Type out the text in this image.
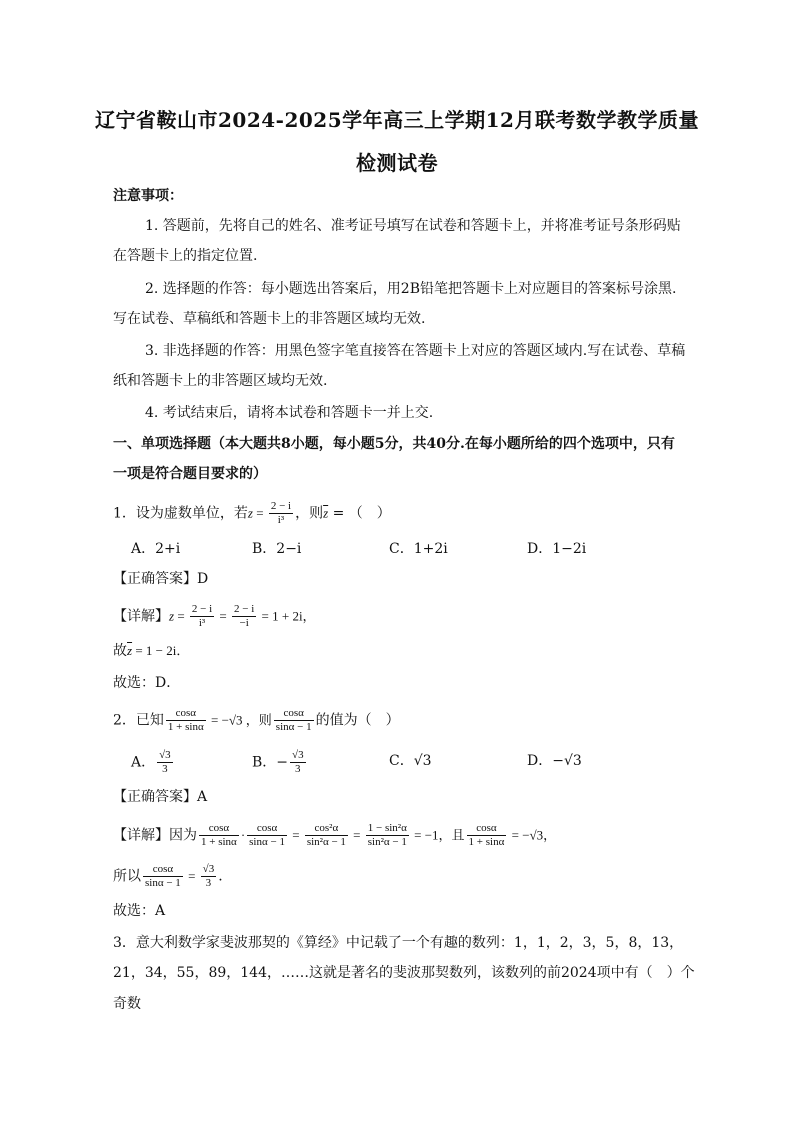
辽宁省鞍山市2024-2025学年高三上学期12月联考数学教学质量
检测试卷
注意事项：
1. 答题前，先将自己的姓名、准考证号填写在试卷和答题卡上，并将准考证号条形码贴
在答题卡上的指定位置.
2. 选择题的作答：每小题选出答案后，用2B铅笔把答题卡上对应题目的答案标号涂黑.
写在试卷、草稿纸和答题卡上的非答题区域均无效.
3. 非选择题的作答：用黑色签字笔直接答在答题卡上对应的答题区域内.写在试卷、草稿
纸和答题卡上的非答题区域均无效.
4. 考试结束后，请将本试卷和答题卡一并上交.
一、单项选择题（本大题共8小题，每小题5分，共40分.在每小题所给的四个选项中，只有
一项是符合题目要求的）
1．设为虚数单位，若$z = \frac{2 - i}{\text{i³}}$ ，则$\overline{z}$ = （　）
A．2+i	B．2−i	C．1+2i	D．1−2i
【正确答案】D
【详解】$z = \frac{2 - i}{\text{i³}} = \frac{2 - i}{-i} = 1 + 2i$，
故$\overline{z} = 1 - 2i$．
故选：D．
2．已知 $\frac{\cos\alpha}{1 + \sin\alpha} = -√3$ ，则 $\frac{\cos\alpha}{\sin\alpha - 1}$ 的值为（　）
A． $\frac{√3}{3}$	B．− $\frac{√3}{3}$	C．√3	D．−√3
【正确答案】A
【详解】因为 $\frac{\cos\alpha}{1 + \sin\alpha} \cdot \frac{\cos\alpha}{\sin\alpha - 1} = \frac{\text{cos²α}}{\text{sin²α − 1}} = \frac{\text{1 − sin²α}}{\text{sin²α − 1}} = -1$，且 $\frac{\cos\alpha}{1 + \sin\alpha} = -√3$，
所以 $\frac{\cos\alpha}{\sin\alpha - 1} = \frac{√3}{3}$ .
故选：A
3．意大利数学家斐波那契的《算经》中记载了一个有趣的数列：1，1，2，3，5，8，13，
21，34，55，89，144，……这就是著名的斐波那契数列，该数列的前2024项中有（　）个
奇数
